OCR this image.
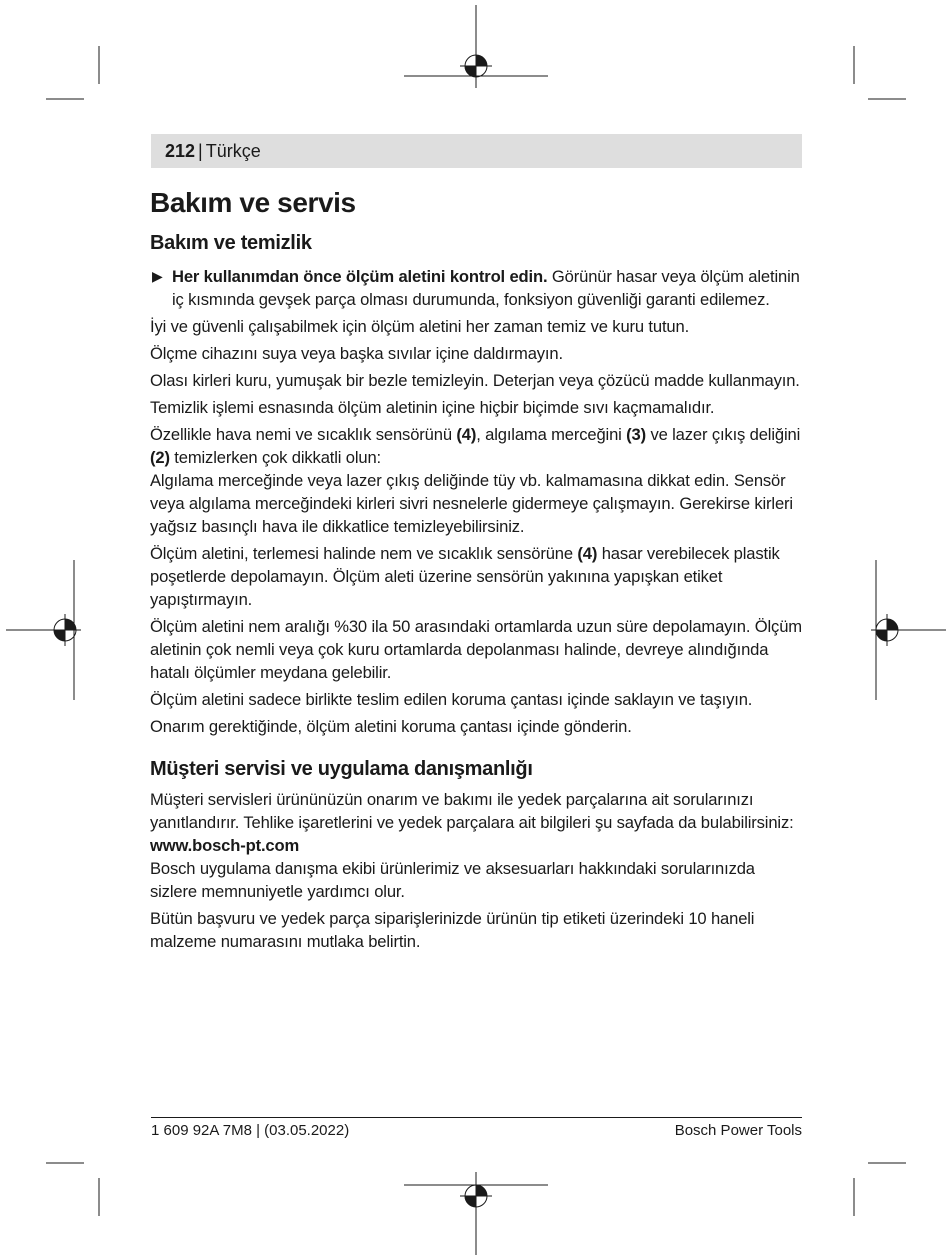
212 | Türkçe
Bakım ve servis
Bakım ve temizlik

▶ Her kullanımdan önce ölçüm aletini kontrol edin. Görünür hasar veya ölçüm aletinin iç kısmında gevşek parça olması durumunda, fonksiyon güvenliği garanti edilemez.

İyi ve güvenli çalışabilmek için ölçüm aletini her zaman temiz ve kuru tutun.

Ölçme cihazını suya veya başka sıvılar içine daldırmayın.

Olası kirleri kuru, yumuşak bir bezle temizleyin. Deterjan veya çözücü madde kullanmayın.

Temizlik işlemi esnasında ölçüm aletinin içine hiçbir biçimde sıvı kaçmamalıdır.

Özellikle hava nemi ve sıcaklık sensörünü (4), algılama merceğini (3) ve lazer çıkış deliğini (2) temizlerken çok dikkatli olun:

Algılama merceğinde veya lazer çıkış deliğinde tüy vb. kalmamasına dikkat edin. Sensör veya algılama merceğindeki kirleri sivri nesnelerle gidermeye çalışmayın. Gerekirse kirleri yağsız basınçlı hava ile dikkatlice temizleyebilirsiniz.

Ölçüm aletini, terlemesi halinde nem ve sıcaklık sensörüne (4) hasar verebilecek plastik poşetlerde depolamayın. Ölçüm aleti üzerine sensörün yakınına yapışkan etiket yapıştırmayın.

Ölçüm aletini nem aralığı %30 ila 50 arasındaki ortamlarda uzun süre depolamayın. Ölçüm aletinin çok nemli veya çok kuru ortamlarda depolanması halinde, devreye alındığında hatalı ölçümler meydana gelebilir.

Ölçüm aletini sadece birlikte teslim edilen koruma çantası içinde saklayın ve taşıyın.

Onarım gerektiğinde, ölçüm aletini koruma çantası içinde gönderin.

Müşteri servisi ve uygulama danışmanlığı

Müşteri servisleri ürününüzün onarım ve bakımı ile yedek parçalarına ait sorularınızı yanıtlandırır. Tehlike işaretlerini ve yedek parçalara ait bilgileri şu sayfada da bulabilirsiniz: www.bosch-pt.com

Bosch uygulama danışma ekibi ürünlerimiz ve aksesuarları hakkındaki sorularınızda sizlere memnuniyetle yardımcı olur.

Bütün başvuru ve yedek parça siparişlerinizde ürünün tip etiketi üzerindeki 10 haneli malzeme numarasını mutlaka belirtin.

1 609 92A 7M8 | (03.05.2022)	Bosch Power Tools
